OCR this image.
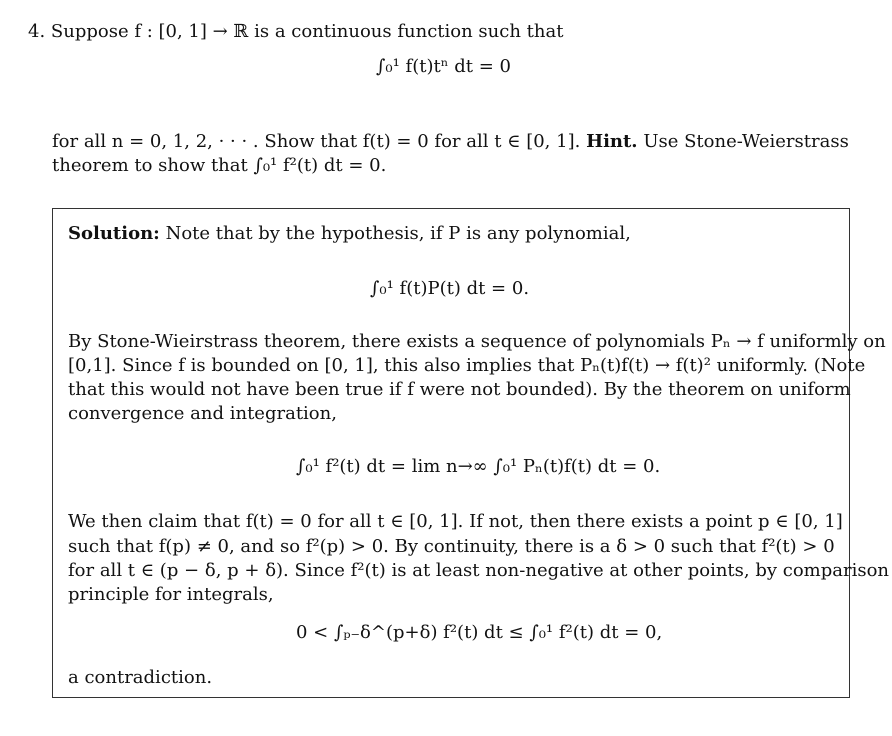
4. Suppose f : [0, 1] → ℝ is a continuous function such that
∫₀¹ f(t)tⁿ dt = 0
for all n = 0, 1, 2, · · · . Show that f(t) = 0 for all t ∈ [0, 1]. Hint. Use Stone-Weierstrass
theorem to show that ∫₀¹ f²(t) dt = 0.
Solution: Note that by the hypothesis, if P is any polynomial,
∫₀¹ f(t)P(t) dt = 0.
By Stone-Wieirstrass theorem, there exists a sequence of polynomials Pₙ → f uniformly on
[0,1]. Since f is bounded on [0, 1], this also implies that Pₙ(t)f(t) → f(t)² uniformly. (Note
that this would not have been true if f were not bounded). By the theorem on uniform
convergence and integration,
∫₀¹ f²(t) dt = lim n→∞ ∫₀¹ Pₙ(t)f(t) dt = 0.
We then claim that f(t) = 0 for all t ∈ [0, 1]. If not, then there exists a point p ∈ [0, 1]
such that f(p) ≠ 0, and so f²(p) > 0. By continuity, there is a δ > 0 such that f²(t) > 0
for all t ∈ (p − δ, p + δ). Since f²(t) is at least non-negative at other points, by comparison
principle for integrals,
0 < ∫ₚ₋δ^(p+δ) f²(t) dt ≤ ∫₀¹ f²(t) dt = 0,
a contradiction.
